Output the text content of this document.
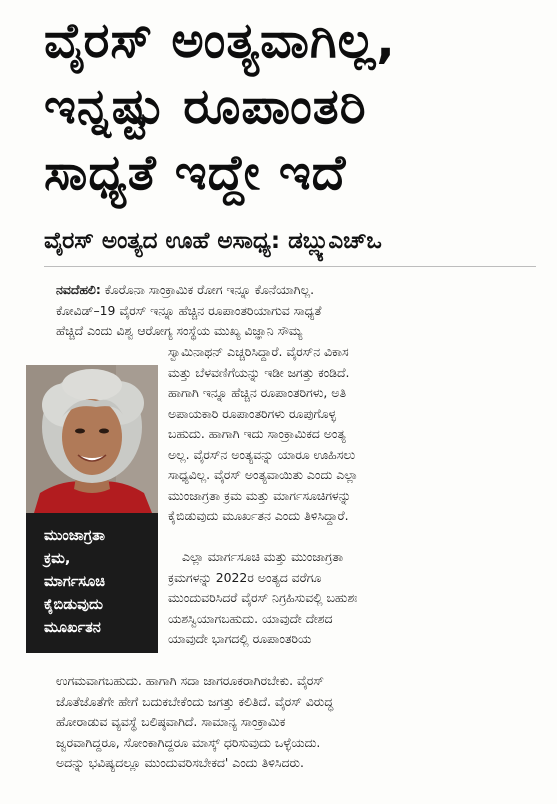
ವೈರಸ್ ಅಂತ್ಯವಾಗಿಲ್ಲ,
ಇನ್ನಷ್ಟು ರೂಪಾಂತರಿ
ಸಾಧ್ಯತೆ ಇದ್ದೇ ಇದೆ
ವೈರಸ್ ಅಂತ್ಯದ ಊಹೆ ಅಸಾಧ್ಯ: ಡಬ್ಲ್ಯುಎಚ್‌ಒ
ನವದೆಹಲಿ: ಕೊರೊನಾ ಸಾಂಕ್ರಾಮಿಕ ರೋಗ ಇನ್ನೂ ಕೊನೆಯಾಗಿಲ್ಲ.
ಕೋವಿಡ್‌–19 ವೈರಸ್ ಇನ್ನೂ ಹೆಚ್ಚಿನ ರೂಪಾಂತರಿಯಾಗುವ ಸಾಧ್ಯತೆ
ಹೆಚ್ಚಿದೆ ಎಂದು ವಿಶ್ವ ಆರೋಗ್ಯ ಸಂಸ್ಥೆಯ ಮುಖ್ಯ ವಿಜ್ಞಾನಿ ಸೌಮ್ಯ
ಮುಂಜಾಗ್ರತಾ
ಕ್ರಮ,
ಮಾರ್ಗಸೂಚಿ
ಕೈಬಿಡುವುದು
ಮೂರ್ಖತನ
ಸ್ವಾಮಿನಾಥನ್ ಎಚ್ಚರಿಸಿದ್ದಾರೆ. ವೈರಸ್‌ನ ವಿಕಾಸ
ಮತ್ತು ಬೆಳವಣಿಗೆಯನ್ನು ಇಡೀ ಜಗತ್ತು ಕಂಡಿದೆ.
ಹಾಗಾಗಿ ಇನ್ನೂ ಹೆಚ್ಚಿನ ರೂಪಾಂತರಿಗಳು, ಅತಿ
ಅಪಾಯಕಾರಿ ರೂಪಾಂತರಿಗಳು ರೂಪುಗೊಳ್ಳ
ಬಹುದು. ಹಾಗಾಗಿ ಇದು ಸಾಂಕ್ರಾಮಿಕದ ಅಂತ್ಯ
ಅಲ್ಲ. ವೈರಸ್‌ನ ಅಂತ್ಯವನ್ನು ಯಾರೂ ಊಹಿಸಲು
ಸಾಧ್ಯವಿಲ್ಲ. ವೈರಸ್ ಅಂತ್ಯವಾಯಿತು ಎಂದು ಎಲ್ಲಾ
ಮುಂಜಾಗ್ರತಾ ಕ್ರಮ ಮತ್ತು ಮಾರ್ಗಸೂಚಿಗಳನ್ನು
ಕೈಬಿಡುವುದು ಮೂರ್ಖತನ ಎಂದು ತಿಳಿಸಿದ್ದಾರೆ.

ಎಲ್ಲಾ ಮಾರ್ಗಸೂಚಿ ಮತ್ತು ಮುಂಜಾಗ್ರತಾ
ಕ್ರಮಗಳನ್ನು 2022ರ ಅಂತ್ಯದ ವರೆಗೂ
ಮುಂದುವರಿಸಿದರೆ ವೈರಸ್ ನಿಗ್ರಹಿಸುವಲ್ಲಿ ಬಹುಶಃ
ಯಶಸ್ವಿಯಾಗಬಹುದು. ಯಾವುದೇ ದೇಶದ
ಯಾವುದೇ ಭಾಗದಲ್ಲಿ ರೂಪಾಂತರಿಯ
ಉಗಮವಾಗಬಹುದು. ಹಾಗಾಗಿ ಸದಾ ಜಾಗರೂಕರಾಗಿರಬೇಕು. ವೈರಸ್
ಜೊತೆಜೊತೆಗೇ ಹೇಗೆ ಬದುಕಬೇಕೆಂದು ಜಗತ್ತು ಕಲಿತಿದೆ. ವೈರಸ್ ವಿರುದ್ಧ
ಹೋರಾಡುವ ವ್ಯವಸ್ಥೆ ಬಲಿಷ್ಠವಾಗಿದೆ. ಸಾಮಾನ್ಯ ಸಾಂಕ್ರಾಮಿಕ
ಜ್ವರವಾಗಿದ್ದರೂ, ಸೋಂಕಾಗಿದ್ದರೂ ಮಾಸ್ಕ್ ಧರಿಸುವುದು ಒಳ್ಳೆಯದು.
ಅದನ್ನು ಭವಿಷ್ಯದಲ್ಲೂ ಮುಂದುವರಿಸಬೇಕದ' ಎಂದು ತಿಳಿಸಿದರು.
